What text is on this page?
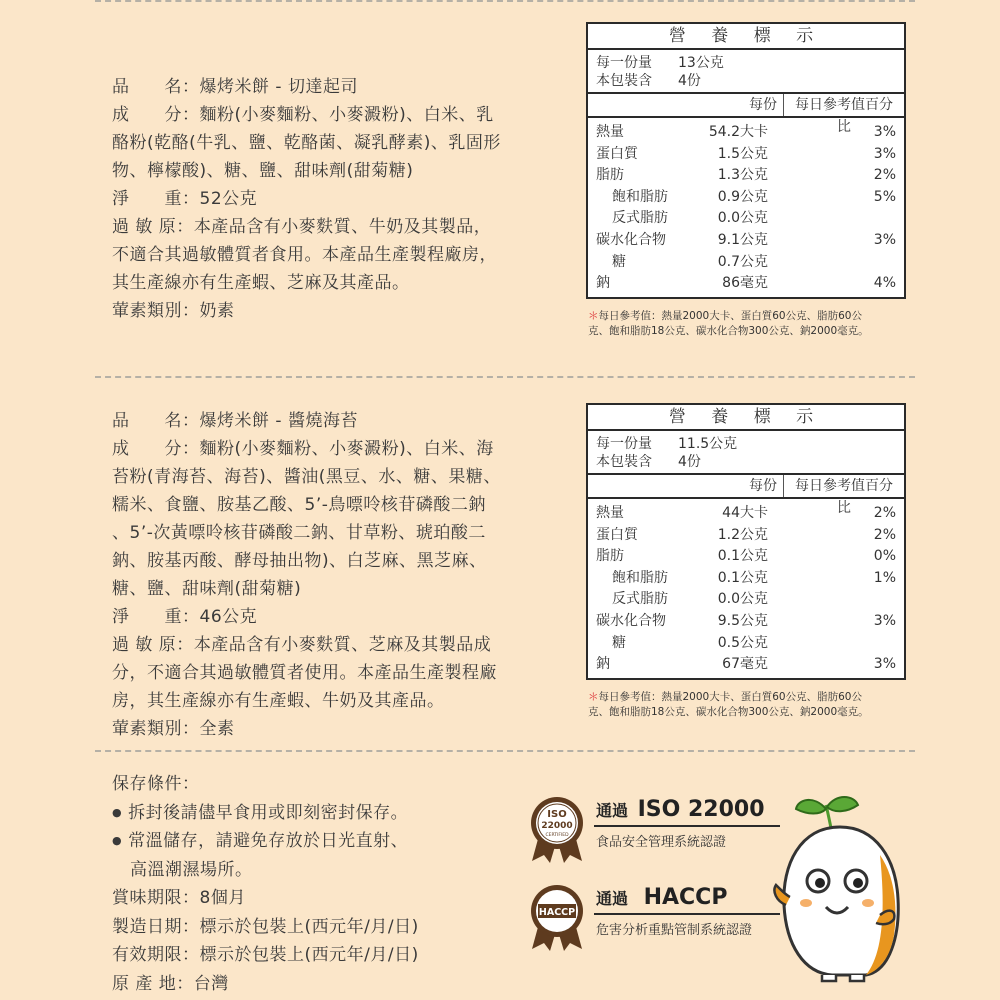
品　　名： 爆烤米餅 - 切達起司
成　　分： 麵粉(小麥麵粉、小麥澱粉)、白米、乳
酪粉(乾酪(牛乳、鹽、乾酪菌、凝乳酵素)、乳固形
物、檸檬酸)、糖、鹽、甜味劑(甜菊糖)
淨　　重： 52公克
過 敏 原： 本產品含有小麥麩質、牛奶及其製品，
不適合其過敏體質者食用。本產品生產製程廠房，
其生產線亦有生產蝦、芝麻及其產品。
葷素類別： 奶素
營 養 標 示
每一份量	13公克
本包裝含	4份
每份	每日參考值百分比
熱量	54.2大卡	3%
蛋白質	1.5公克	3%
脂肪	1.3公克	2%
飽和脂肪	0.9公克	5%
反式脂肪	0.0公克
碳水化合物	9.1公克	3%
糖	0.7公克
鈉	86毫克	4%
＊每日參考值：熱量2000大卡、蛋白質60公克、脂肪60公
克、飽和脂肪18公克、碳水化合物300公克、鈉2000毫克。
品　　名： 爆烤米餅 - 醬燒海苔
成　　分： 麵粉(小麥麵粉、小麥澱粉)、白米、海
苔粉(青海苔、海苔)、醬油(黑豆、水、糖、果糖、
糯米、食鹽、胺基乙酸、5’-鳥嘌呤核苷磷酸二鈉
、5’-次黃嘌呤核苷磷酸二鈉、甘草粉、琥珀酸二
鈉、胺基丙酸、酵母抽出物)、白芝麻、黑芝麻、
糖、鹽、甜味劑(甜菊糖)
淨　　重： 46公克
過 敏 原： 本產品含有小麥麩質、芝麻及其製品成
分，不適合其過敏體質者使用。本產品生產製程廠
房，其生產線亦有生產蝦、牛奶及其產品。
葷素類別： 全素
營 養 標 示
每一份量	11.5公克
本包裝含	4份
每份	每日參考值百分比
熱量	44大卡	2%
蛋白質	1.2公克	2%
脂肪	0.1公克	0%
飽和脂肪	0.1公克	1%
反式脂肪	0.0公克
碳水化合物	9.5公克	3%
糖	0.5公克
鈉	67毫克	3%
＊每日參考值：熱量2000大卡、蛋白質60公克、脂肪60公
克、飽和脂肪18公克、碳水化合物300公克、鈉2000毫克。
保存條件：
● 拆封後請儘早食用或即刻密封保存。
● 常溫儲存，請避免存放於日光直射、
高溫潮濕場所。
賞味期限：8個月
製造日期：標示於包裝上(西元年/月/日)
有效期限：標示於包裝上(西元年/月/日)
原 產 地：台灣
ISO
22000
CERTIFIED
通過 ISO 22000
食品安全管理系統認證
HACCP
通過 HACCP
危害分析重點管制系統認證
